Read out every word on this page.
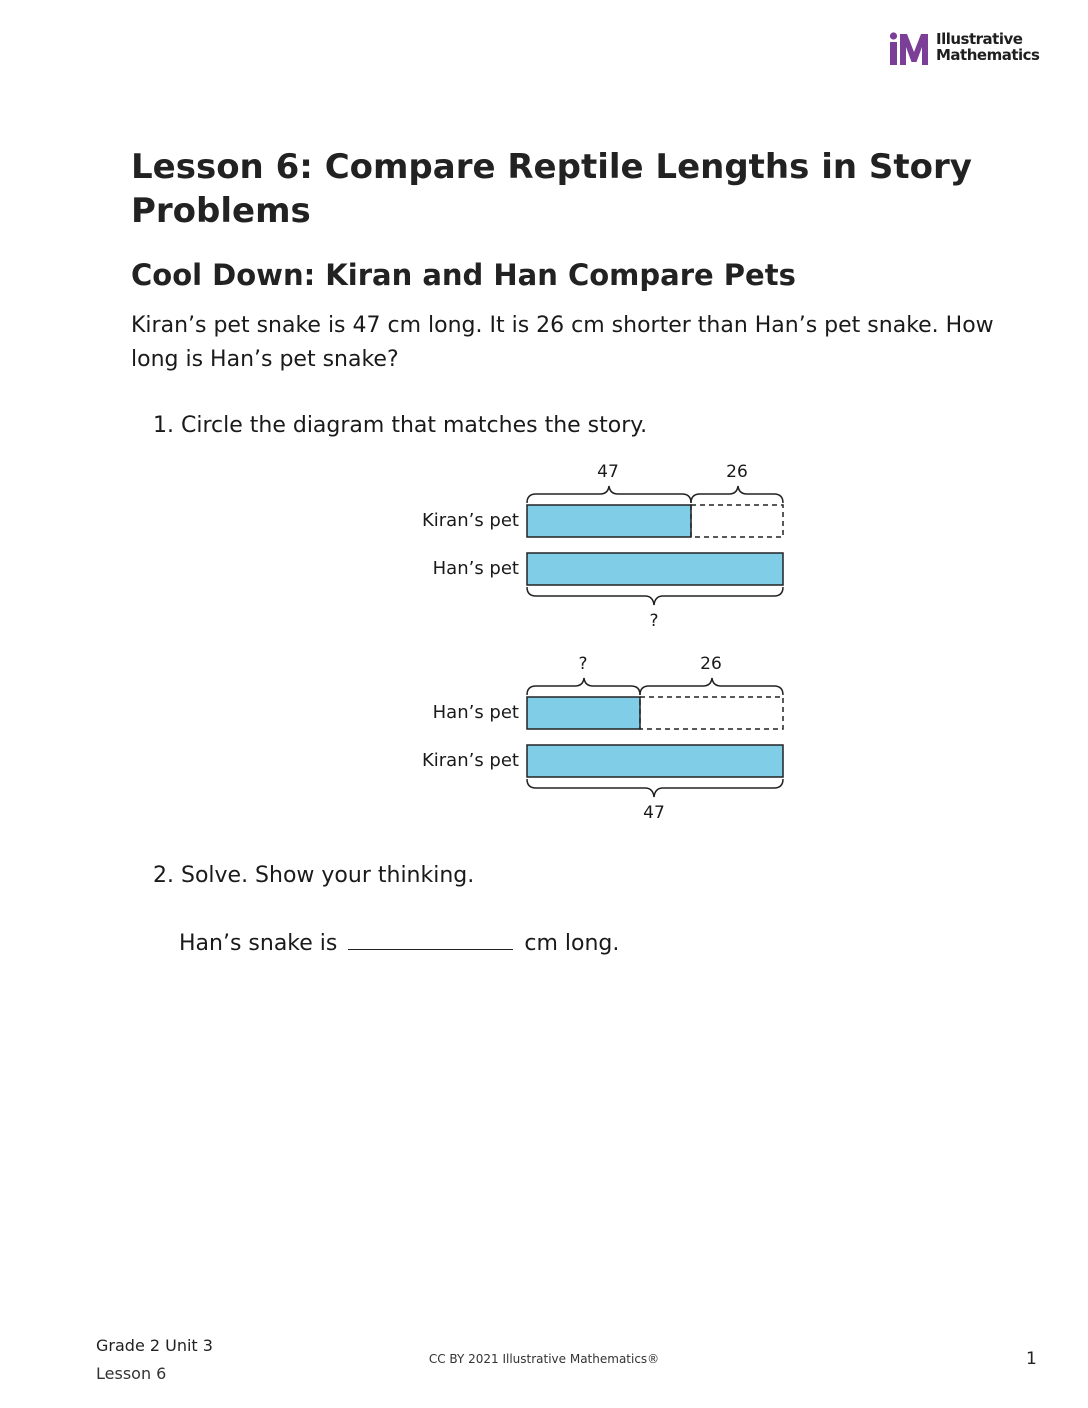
Illustrative
Mathematics
Lesson 6: Compare Reptile Lengths in Story Problems
Cool Down: Kiran and Han Compare Pets

Kiran’s pet snake is 47 cm long. It is 26 cm shorter than Han’s pet snake. How long is Han’s pet snake?

1. Circle the diagram that matches the story.
47	26
Kiran’s pet
Han’s pet
?
?	26
Han’s pet
Kiran’s pet
47
2. Solve. Show your thinking.
Han’s snake is	cm long.
Grade 2 Unit 3
Lesson 6
CC BY 2021 Illustrative Mathematics®	1
